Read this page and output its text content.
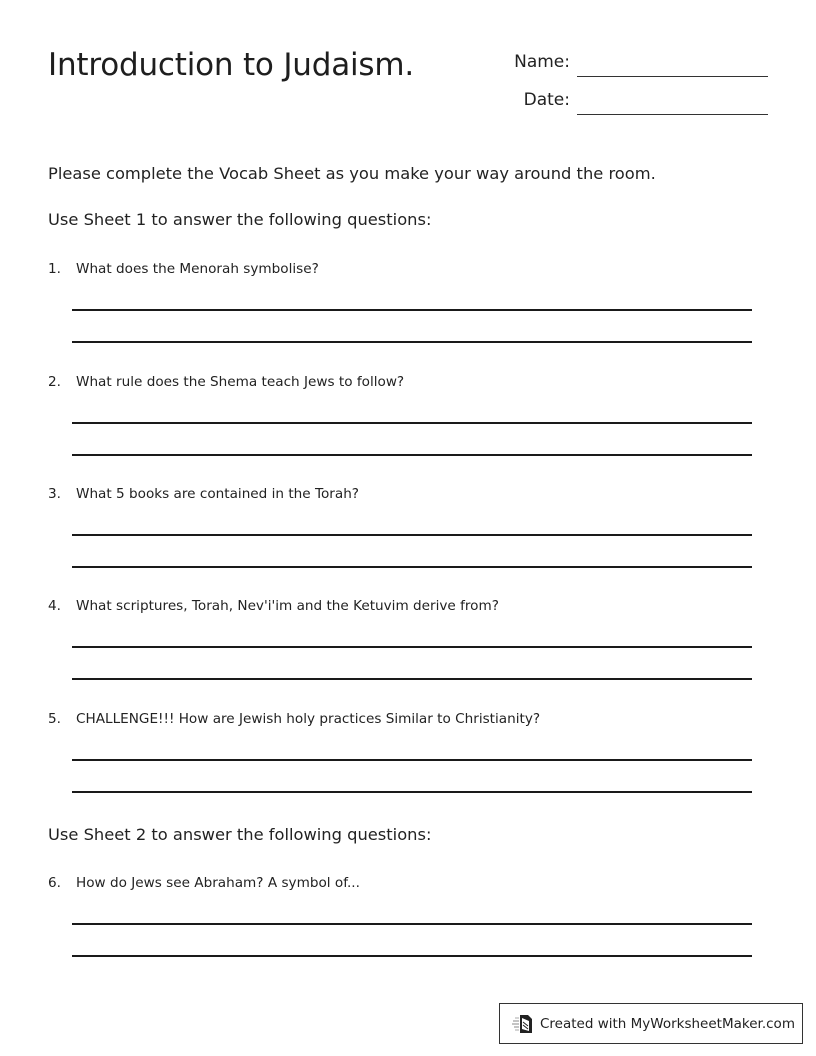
Introduction to Judaism.	Name:
Date:
Please complete the Vocab Sheet as you make your way around the room.
Use Sheet 1 to answer the following questions:
1. What does the Menorah symbolise?
2. What rule does the Shema teach Jews to follow?
3. What 5 books are contained in the Torah?
4. What scriptures, Torah, Nev'i'im and the Ketuvim derive from?
5. CHALLENGE!!! How are Jewish holy practices Similar to Christianity?
Use Sheet 2 to answer the following questions:
6. How do Jews see Abraham? A symbol of...
Created with MyWorksheetMaker.com
